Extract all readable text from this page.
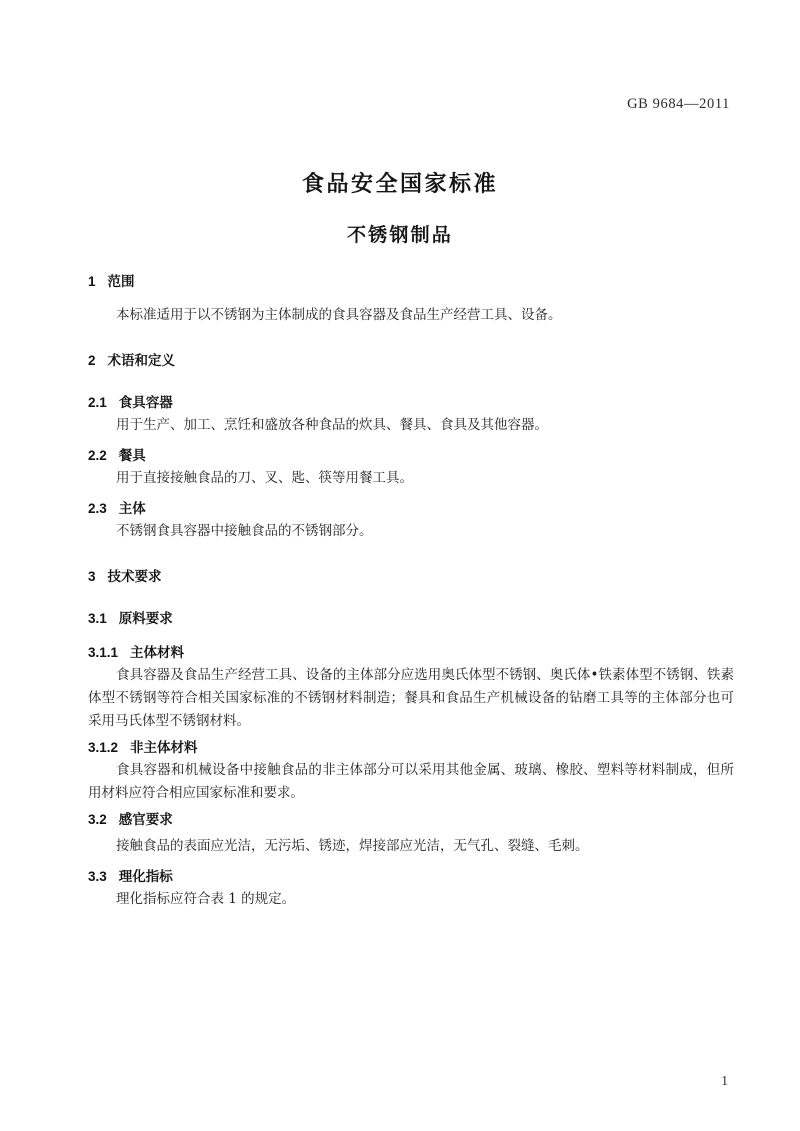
GB 9684—2011
食品安全国家标准
不锈钢制品
1 范围
本标准适用于以不锈钢为主体制成的食具容器及食品生产经营工具、设备。
2 术语和定义
2.1 食具容器
用于生产、加工、烹饪和盛放各种食品的炊具、餐具、食具及其他容器。
2.2 餐具
用于直接接触食品的刀、叉、匙、筷等用餐工具。
2.3 主体
不锈钢食具容器中接触食品的不锈钢部分。
3 技术要求
3.1 原料要求
3.1.1 主体材料
食具容器及食品生产经营工具、设备的主体部分应选用奥氏体型不锈钢、奥氏体•铁素体型不锈钢、铁素体型不锈钢等符合相关国家标准的不锈钢材料制造；餐具和食品生产机械设备的钻磨工具等的主体部分也可采用马氏体型不锈钢材料。
3.1.2 非主体材料
食具容器和机械设备中接触食品的非主体部分可以采用其他金属、玻璃、橡胶、塑料等材料制成，但所用材料应符合相应国家标准和要求。
3.2 感官要求
接触食品的表面应光洁，无污垢、锈迹，焊接部应光洁，无气孔、裂缝、毛刺。
3.3 理化指标
理化指标应符合表 1 的规定。
1
